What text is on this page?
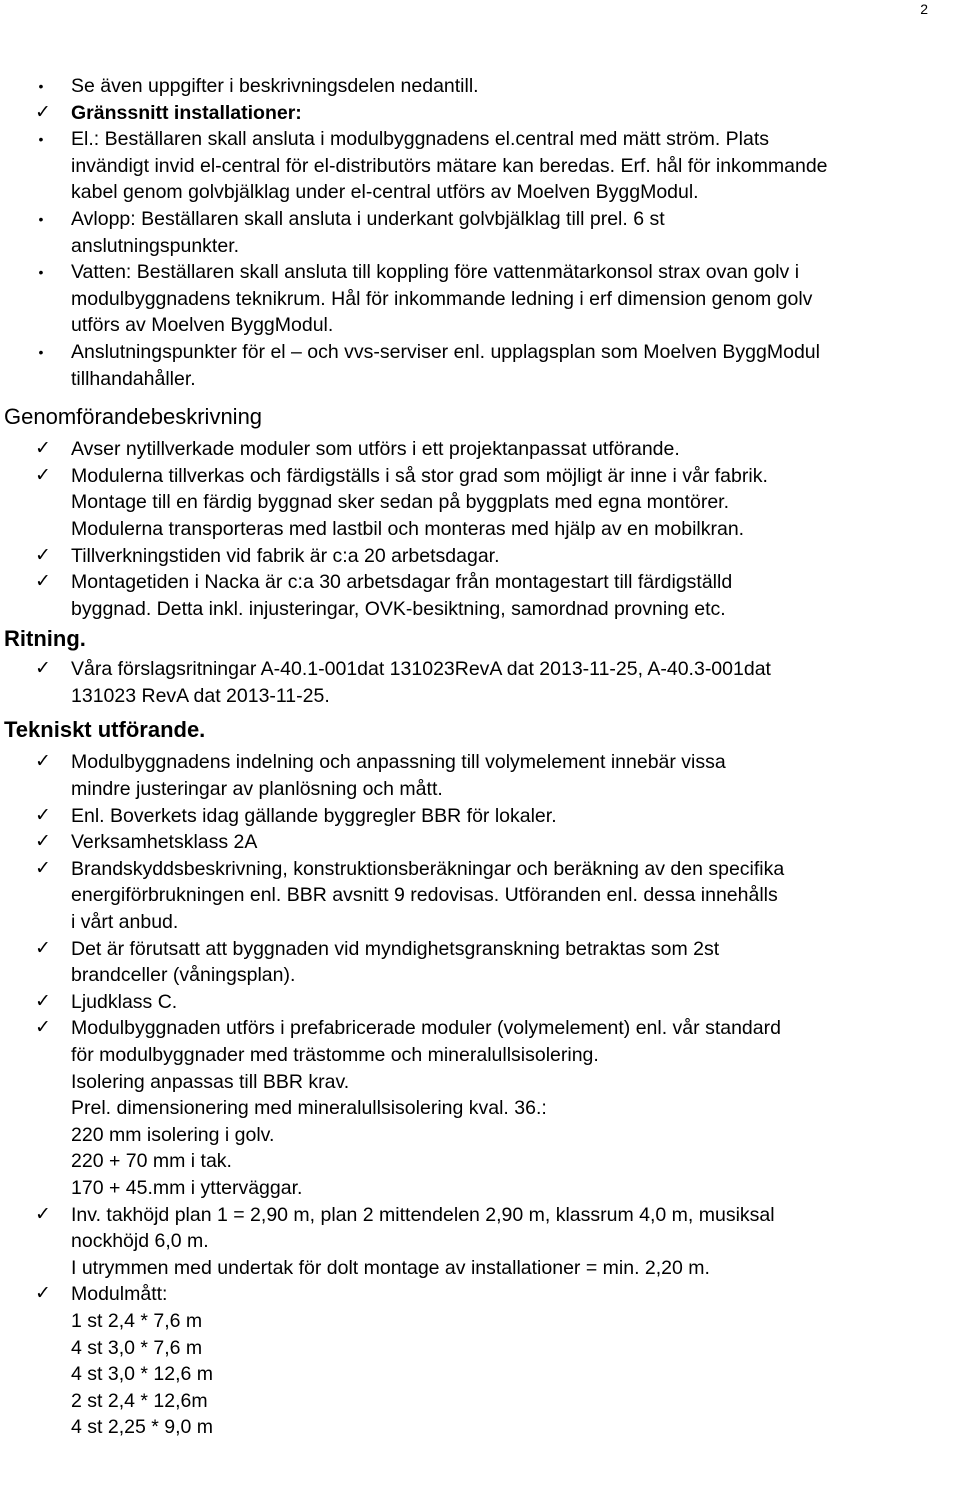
2
•	Se även uppgifter i beskrivningsdelen nedantill.
✓ Gränssnitt installationer:
•	El.: Beställaren skall ansluta i modulbyggnadens el.central med mätt ström. Plats
invändigt invid el-central för el-distributörs mätare kan beredas. Erf. hål för inkommande
kabel genom golvbjälklag under el-central utförs av Moelven ByggModul.
•	Avlopp: Beställaren skall ansluta i underkant golvbjälklag till prel. 6 st
anslutningspunkter.
•	Vatten: Beställaren skall ansluta till koppling före vattenmätarkonsol strax ovan golv i
modulbyggnadens teknikrum. Hål för inkommande ledning i erf dimension genom golv
utförs av Moelven ByggModul.
•	Anslutningspunkter för el – och vvs-serviser enl. upplagsplan som Moelven ByggModul
tillhandahåller.
Genomförandebeskrivning
✓ Avser nytillverkade moduler som utförs i ett projektanpassat utförande.
✓ Modulerna tillverkas och färdigställs i så stor grad som möjligt är inne i vår fabrik.
Montage till en färdig byggnad sker sedan på byggplats med egna montörer.
Modulerna transporteras med lastbil och monteras med hjälp av en mobilkran.
✓ Tillverkningstiden vid fabrik är c:a 20 arbetsdagar.
✓ Montagetiden i Nacka är c:a 30 arbetsdagar från montagestart till färdigställd
byggnad. Detta inkl. injusteringar, OVK-besiktning, samordnad provning etc.
Ritning.
✓ Våra förslagsritningar A-40.1-001dat 131023RevA dat 2013-11-25, A-40.3-001dat
131023 RevA dat 2013-11-25.
Tekniskt utförande.
✓ Modulbyggnadens indelning och anpassning till volymelement innebär vissa
mindre justeringar av planlösning och mått.
✓ Enl. Boverkets idag gällande byggregler BBR för lokaler.
✓ Verksamhetsklass 2A
✓ Brandskyddsbeskrivning, konstruktionsberäkningar och beräkning av den specifika
energiförbrukningen enl. BBR avsnitt 9 redovisas. Utföranden enl. dessa innehålls
i vårt anbud.
✓ Det är förutsatt att byggnaden vid myndighetsgranskning betraktas som 2st
brandceller (våningsplan).
✓ Ljudklass C.
✓ Modulbyggnaden utförs i prefabricerade moduler (volymelement) enl. vår standard
för modulbyggnader med trästomme och mineralullsisolering.
Isolering anpassas till BBR krav.
Prel. dimensionering med mineralullsisolering kval. 36.:
220 mm isolering i golv.
220 + 70 mm i tak.
170 + 45.mm i ytterväggar.
✓ Inv. takhöjd plan 1 = 2,90 m, plan 2 mittendelen 2,90 m, klassrum 4,0 m, musiksal
nockhöjd 6,0 m.
I utrymmen med undertak för dolt montage av installationer = min. 2,20 m.
✓ Modulmått:
1 st 2,4 * 7,6 m
4 st 3,0 * 7,6 m
4 st 3,0 * 12,6 m
2 st 2,4 * 12,6m
4 st 2,25 * 9,0 m
